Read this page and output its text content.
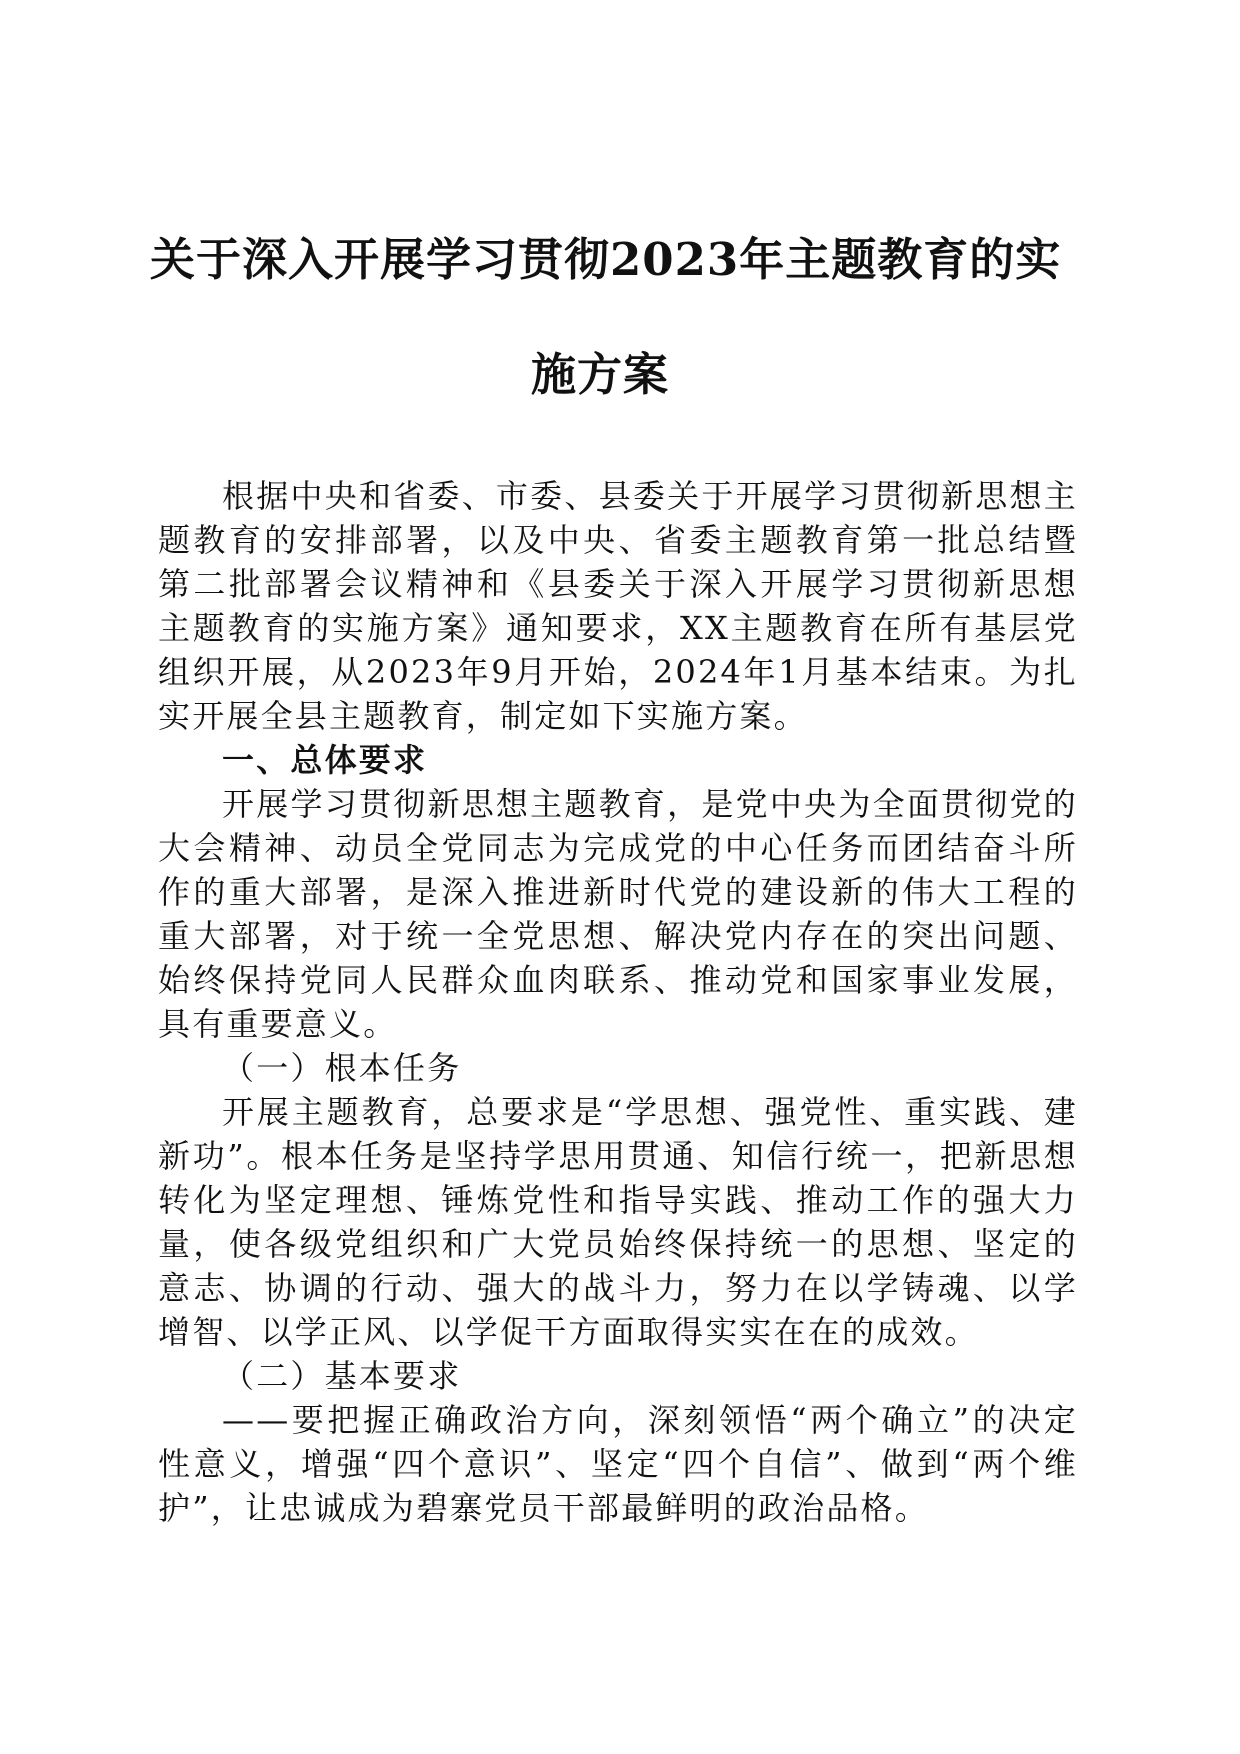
关于深入开展学习贯彻2023年主题教育的实
施方案

根据中央和省委、市委、县委关于开展学习贯彻新思想主题教育的安排部署，以及中央、省委主题教育第一批总结暨第二批部署会议精神和《县委关于深入开展学习贯彻新思想主题教育的实施方案》通知要求，XX主题教育在所有基层党组织开展，从2023年9月开始，2024年1月基本结束。为扎实开展全县主题教育，制定如下实施方案。

一、总体要求

开展学习贯彻新思想主题教育，是党中央为全面贯彻党的大会精神、动员全党同志为完成党的中心任务而团结奋斗所作的重大部署，是深入推进新时代党的建设新的伟大工程的重大部署，对于统一全党思想、解决党内存在的突出问题、始终保持党同人民群众血肉联系、推动党和国家事业发展，具有重要意义。

（一）根本任务

开展主题教育，总要求是“学思想、强党性、重实践、建新功”。根本任务是坚持学思用贯通、知信行统一，把新思想转化为坚定理想、锤炼党性和指导实践、推动工作的强大力量，使各级党组织和广大党员始终保持统一的思想、坚定的意志、协调的行动、强大的战斗力，努力在以学铸魂、以学增智、以学正风、以学促干方面取得实实在在的成效。

（二）基本要求

——要把握正确政治方向，深刻领悟“两个确立”的决定性意义，增强“四个意识”、坚定“四个自信”、做到“两个维护”，让忠诚成为碧寨党员干部最鲜明的政治品格。
